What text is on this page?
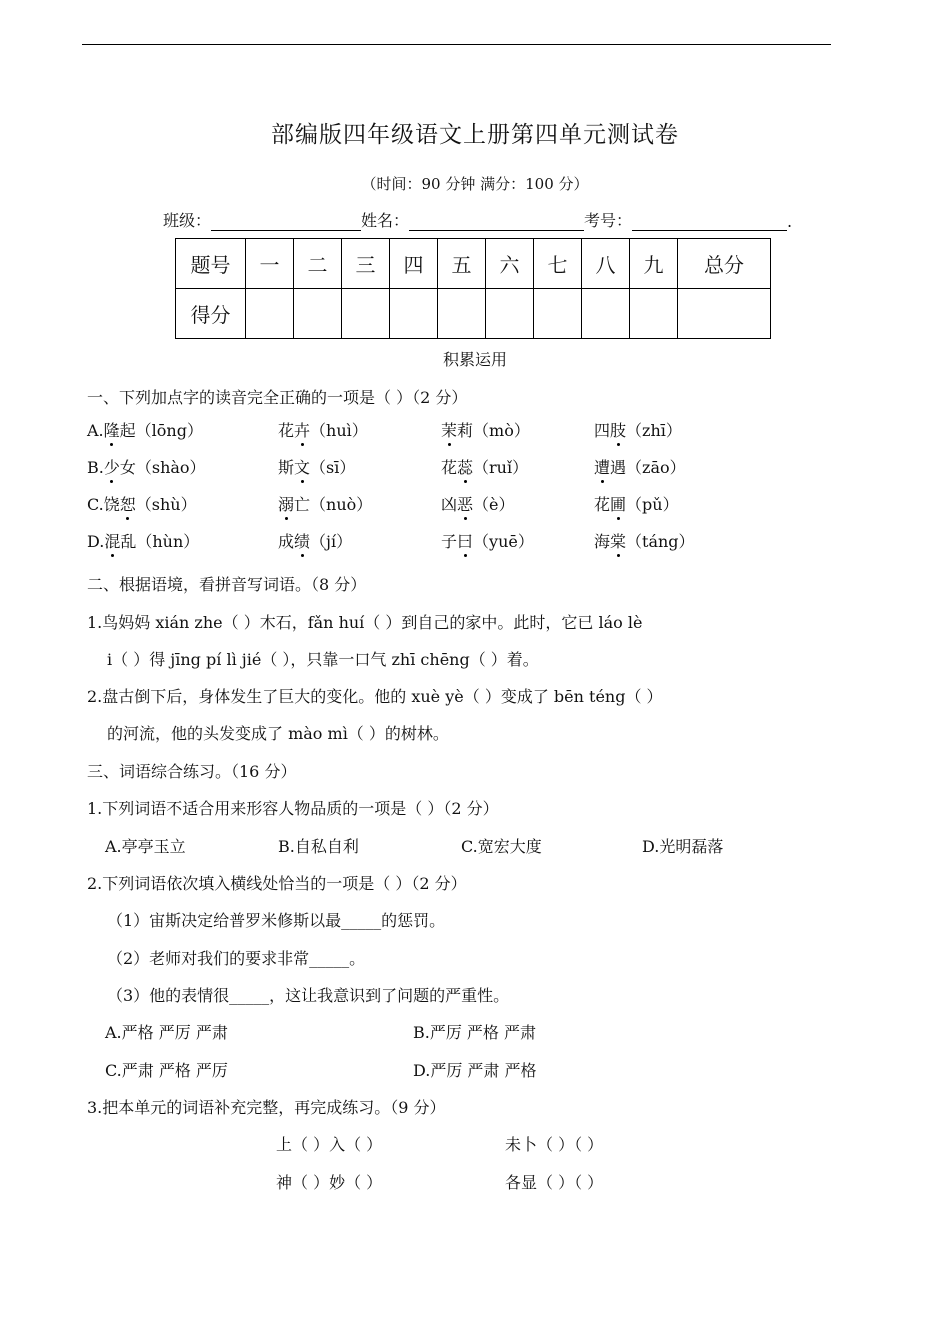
部编版四年级语文上册第四单元测试卷
（时间：90 分钟 满分：100 分）
班级：	姓名：	考号：	.
题号	一	二	三	四	五	六	七	八	九	总分
得分										
积累运用
一、下列加点字的读音完全正确的一项是（ ）（2 分）
A.隆起（lōng）	花卉（huì）	茉莉（mò）	四肢（zhī）
B.少女（shào）	斯文（sī）	花蕊（ruǐ）	遭遇（zāo）
C.饶恕（shù）	溺亡（nuò）	凶恶（è）	花圃（pǔ）
D.混乱（hùn）	成绩（jí）	子曰（yuē）	海棠（táng）
二、根据语境，看拼音写词语。（8 分）
1.鸟妈妈 xián zhe（ ）木石，fǎn huí（ ）到自己的家中。此时，它已 láo lè
i（ ）得 jīng pí lì jié（ ），只靠一口气 zhī chēng（ ）着。
2.盘古倒下后，身体发生了巨大的变化。他的 xuè yè（ ）变成了 bēn téng（ ）
的河流，他的头发变成了 mào mì（ ）的树林。
三、词语综合练习。（16 分）
1.下列词语不适合用来形容人物品质的一项是（ ）（2 分）
A.亭亭玉立	B.自私自利	C.宽宏大度	D.光明磊落
2.下列词语依次填入横线处恰当的一项是（ ）（2 分）
（1）宙斯决定给普罗米修斯以最_____的惩罚。
（2）老师对我们的要求非常_____。
（3）他的表情很_____，这让我意识到了问题的严重性。
A.严格 严厉 严肃	B.严厉 严格 严肃
C.严肃 严格 严厉	D.严厉 严肃 严格
3.把本单元的词语补充完整，再完成练习。（9 分）
上（ ）入（ ）	未卜（ ）（ ）
神（ ）妙（ ）	各显（ ）（ ）
